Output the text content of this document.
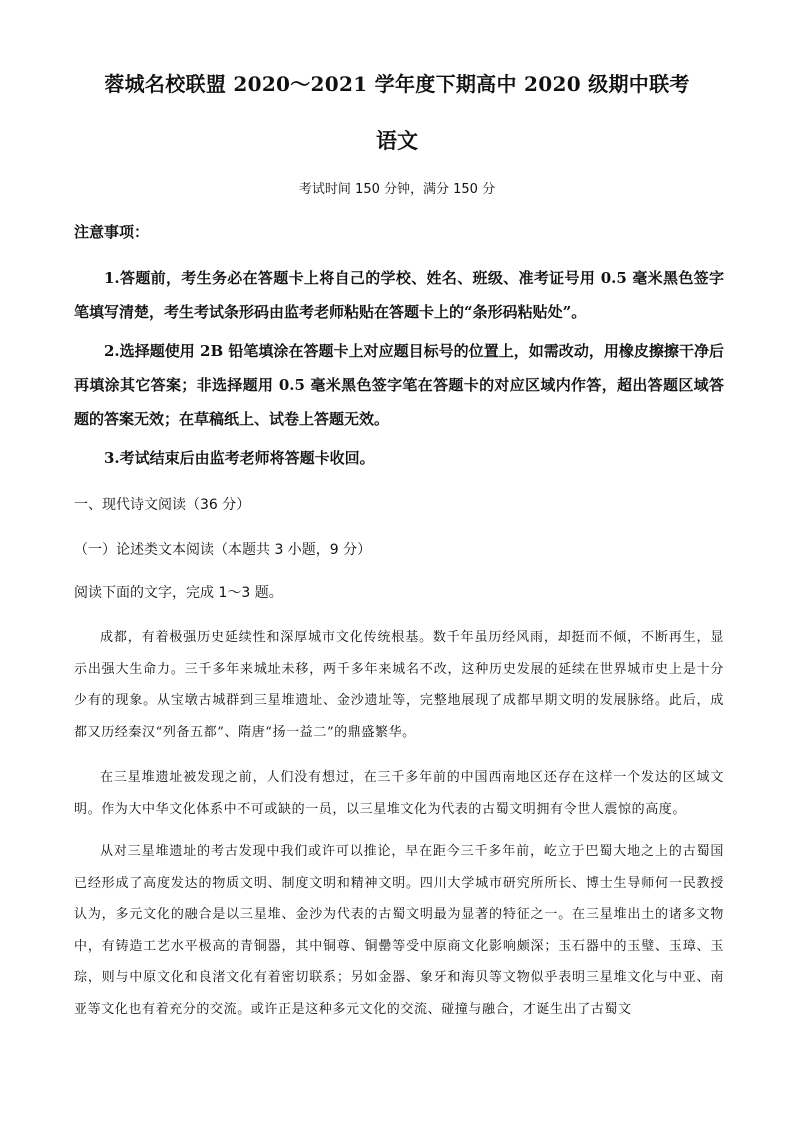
蓉城名校联盟 2020～2021 学年度下期高中 2020 级期中联考
语文
考试时间 150 分钟，满分 150 分
注意事项：
1.答题前，考生务必在答题卡上将自己的学校、姓名、班级、准考证号用 0.5 毫米黑色签字笔填写清楚，考生考试条形码由监考老师粘贴在答题卡上的“条形码粘贴处”。
2.选择题使用 2B 铅笔填涂在答题卡上对应题目标号的位置上，如需改动，用橡皮擦擦干净后再填涂其它答案；非选择题用 0.5 毫米黑色签字笔在答题卡的对应区域内作答，超出答题区域答题的答案无效；在草稿纸上、试卷上答题无效。
3.考试结束后由监考老师将答题卡收回。
一、现代诗文阅读（36 分）
（一）论述类文本阅读（本题共 3 小题，9 分）
阅读下面的文字，完成 1～3 题。
成都，有着极强历史延续性和深厚城市文化传统根基。数千年虽历经风雨，却挺而不倾，不断再生，显示出强大生命力。三千多年来城址未移，两千多年来城名不改，这种历史发展的延续在世界城市史上是十分少有的现象。从宝墩古城群到三星堆遗址、金沙遗址等，完整地展现了成都早期文明的发展脉络。此后，成都又历经秦汉“列备五都”、隋唐“扬一益二”的鼎盛繁华。
在三星堆遗址被发现之前，人们没有想过，在三千多年前的中国西南地区还存在这样一个发达的区域文明。作为大中华文化体系中不可或缺的一员，以三星堆文化为代表的古蜀文明拥有令世人震惊的高度。
从对三星堆遗址的考古发现中我们或许可以推论，早在距今三千多年前，屹立于巴蜀大地之上的古蜀国已经形成了高度发达的物质文明、制度文明和精神文明。四川大学城市研究所所长、博士生导师何一民教授认为，多元文化的融合是以三星堆、金沙为代表的古蜀文明最为显著的特征之一。在三星堆出土的诸多文物中，有铸造工艺水平极高的青铜器，其中铜尊、铜罍等受中原商文化影响颇深；玉石器中的玉璧、玉璋、玉琮，则与中原文化和良渚文化有着密切联系；另如金器、象牙和海贝等文物似乎表明三星堆文化与中亚、南亚等文化也有着充分的交流。或许正是这种多元文化的交流、碰撞与融合，才诞生出了古蜀文
